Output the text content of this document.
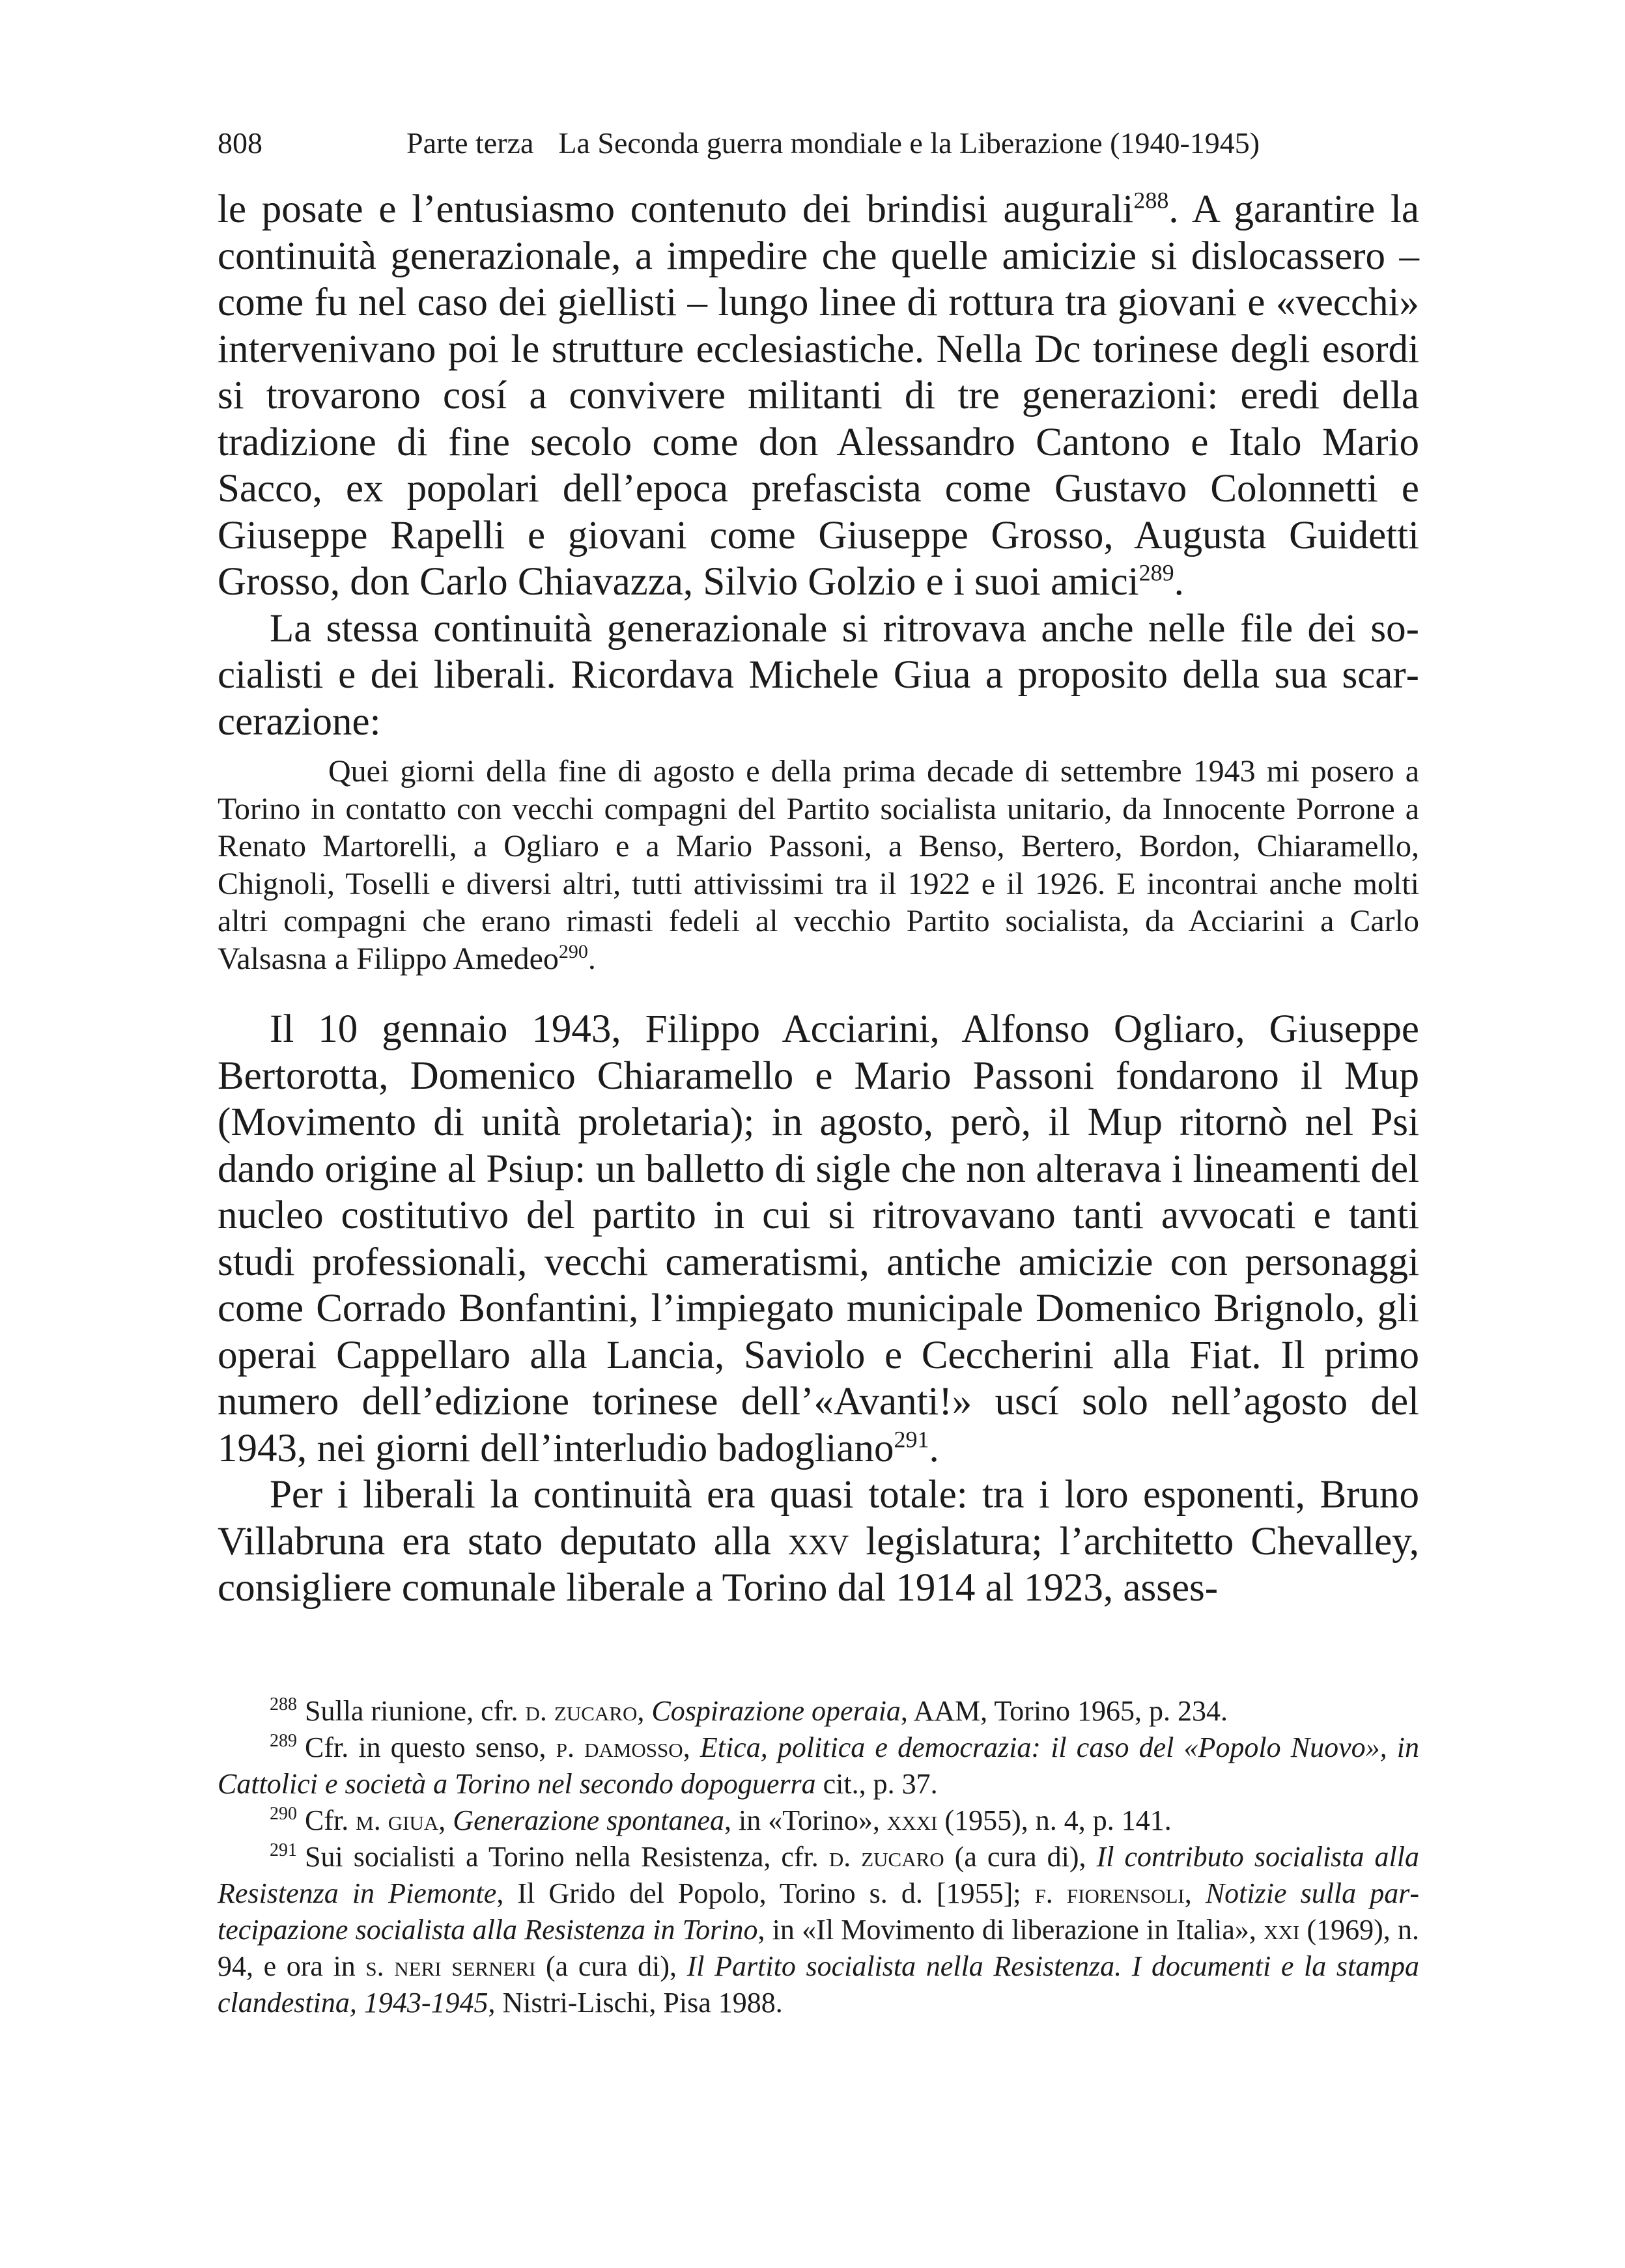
808	Parte terza La Seconda guerra mondiale e la Liberazione (1940-1945)

le posate e l’entusiasmo contenuto dei brindisi augurali$^{288}$. A garantire la continuità generazionale, a impedire che quelle amicizie si dislocassero – come fu nel caso dei giellisti – lungo linee di rottura tra giovani e «vecchi» intervenivano poi le strutture ecclesiastiche. Nella Dc torinese degli esordi si trovarono cosí a convivere militanti di tre generazioni: eredi della tradizione di fine secolo come don Alessandro Cantono e Italo Mario Sacco, ex popolari dell’epoca prefascista come Gustavo Colonnetti e Giuseppe Rapelli e giovani come Giuseppe Grosso, Augusta Guidetti Grosso, don Carlo Chiavazza, Silvio Golzio e i suoi amici$^{289}$.

La stessa continuità generazionale si ritrovava anche nelle file dei socialisti e dei liberali. Ricordava Michele Giua a proposito della sua scarcerazione:

Quei giorni della fine di agosto e della prima decade di settembre 1943 mi posero a Torino in contatto con vecchi compagni del Partito socialista unitario, da Innocente Porrone a Renato Martorelli, a Ogliaro e a Mario Passoni, a Benso, Bertero, Bordon, Chiaramello, Chignoli, Toselli e diversi altri, tutti attivissimi tra il 1922 e il 1926. E incontrai anche molti altri compagni che erano rimasti fedeli al vecchio Partito socialista, da Acciarini a Carlo Valsasna a Filippo Amedeo$^{290}$.

Il 10 gennaio 1943, Filippo Acciarini, Alfonso Ogliaro, Giuseppe Bertorotta, Domenico Chiaramello e Mario Passoni fondarono il Mup (Movimento di unità proletaria); in agosto, però, il Mup ritornò nel Psi dando origine al Psiup: un balletto di sigle che non alterava i lineamenti del nucleo costitutivo del partito in cui si ritrovavano tanti avvocati e tanti studi professionali, vecchi cameratismi, antiche amicizie con personaggi come Corrado Bonfantini, l’impiegato municipale Domenico Brignolo, gli operai Cappellaro alla Lancia, Saviolo e Ceccherini alla Fiat. Il primo numero dell’edizione torinese dell’«Avanti!» uscí solo nell’agosto del 1943, nei giorni dell’interludio badogliano$^{291}$.

Per i liberali la continuità era quasi totale: tra i loro esponenti, Bruno Villabruna era stato deputato alla xxv legislatura; l’architetto Chevalley, consigliere comunale liberale a Torino dal 1914 al 1923, asses-

$^{288}$ Sulla riunione, cfr. d. zucaro, Cospirazione operaia, AAM, Torino 1965, p. 234.

$^{289}$ Cfr. in questo senso, p. damosso, Etica, politica e democrazia: il caso del «Popolo Nuovo», in Cattolici e società a Torino nel secondo dopoguerra cit., p. 37.

$^{290}$ Cfr. m. giua, Generazione spontanea, in «Torino», xxxi (1955), n. 4, p. 141.

$^{291}$ Sui socialisti a Torino nella Resistenza, cfr. d. zucaro (a cura di), Il contributo socialista alla Resistenza in Piemonte, Il Grido del Popolo, Torino s. d. [1955]; f. fiorensoli, Notizie sulla partecipazione socialista alla Resistenza in Torino, in «Il Movimento di liberazione in Italia», xxi (1969), n. 94, e ora in s. neri serneri (a cura di), Il Partito socialista nella Resistenza. I documenti e la stampa clandestina, 1943-1945, Nistri-Lischi, Pisa 1988.
